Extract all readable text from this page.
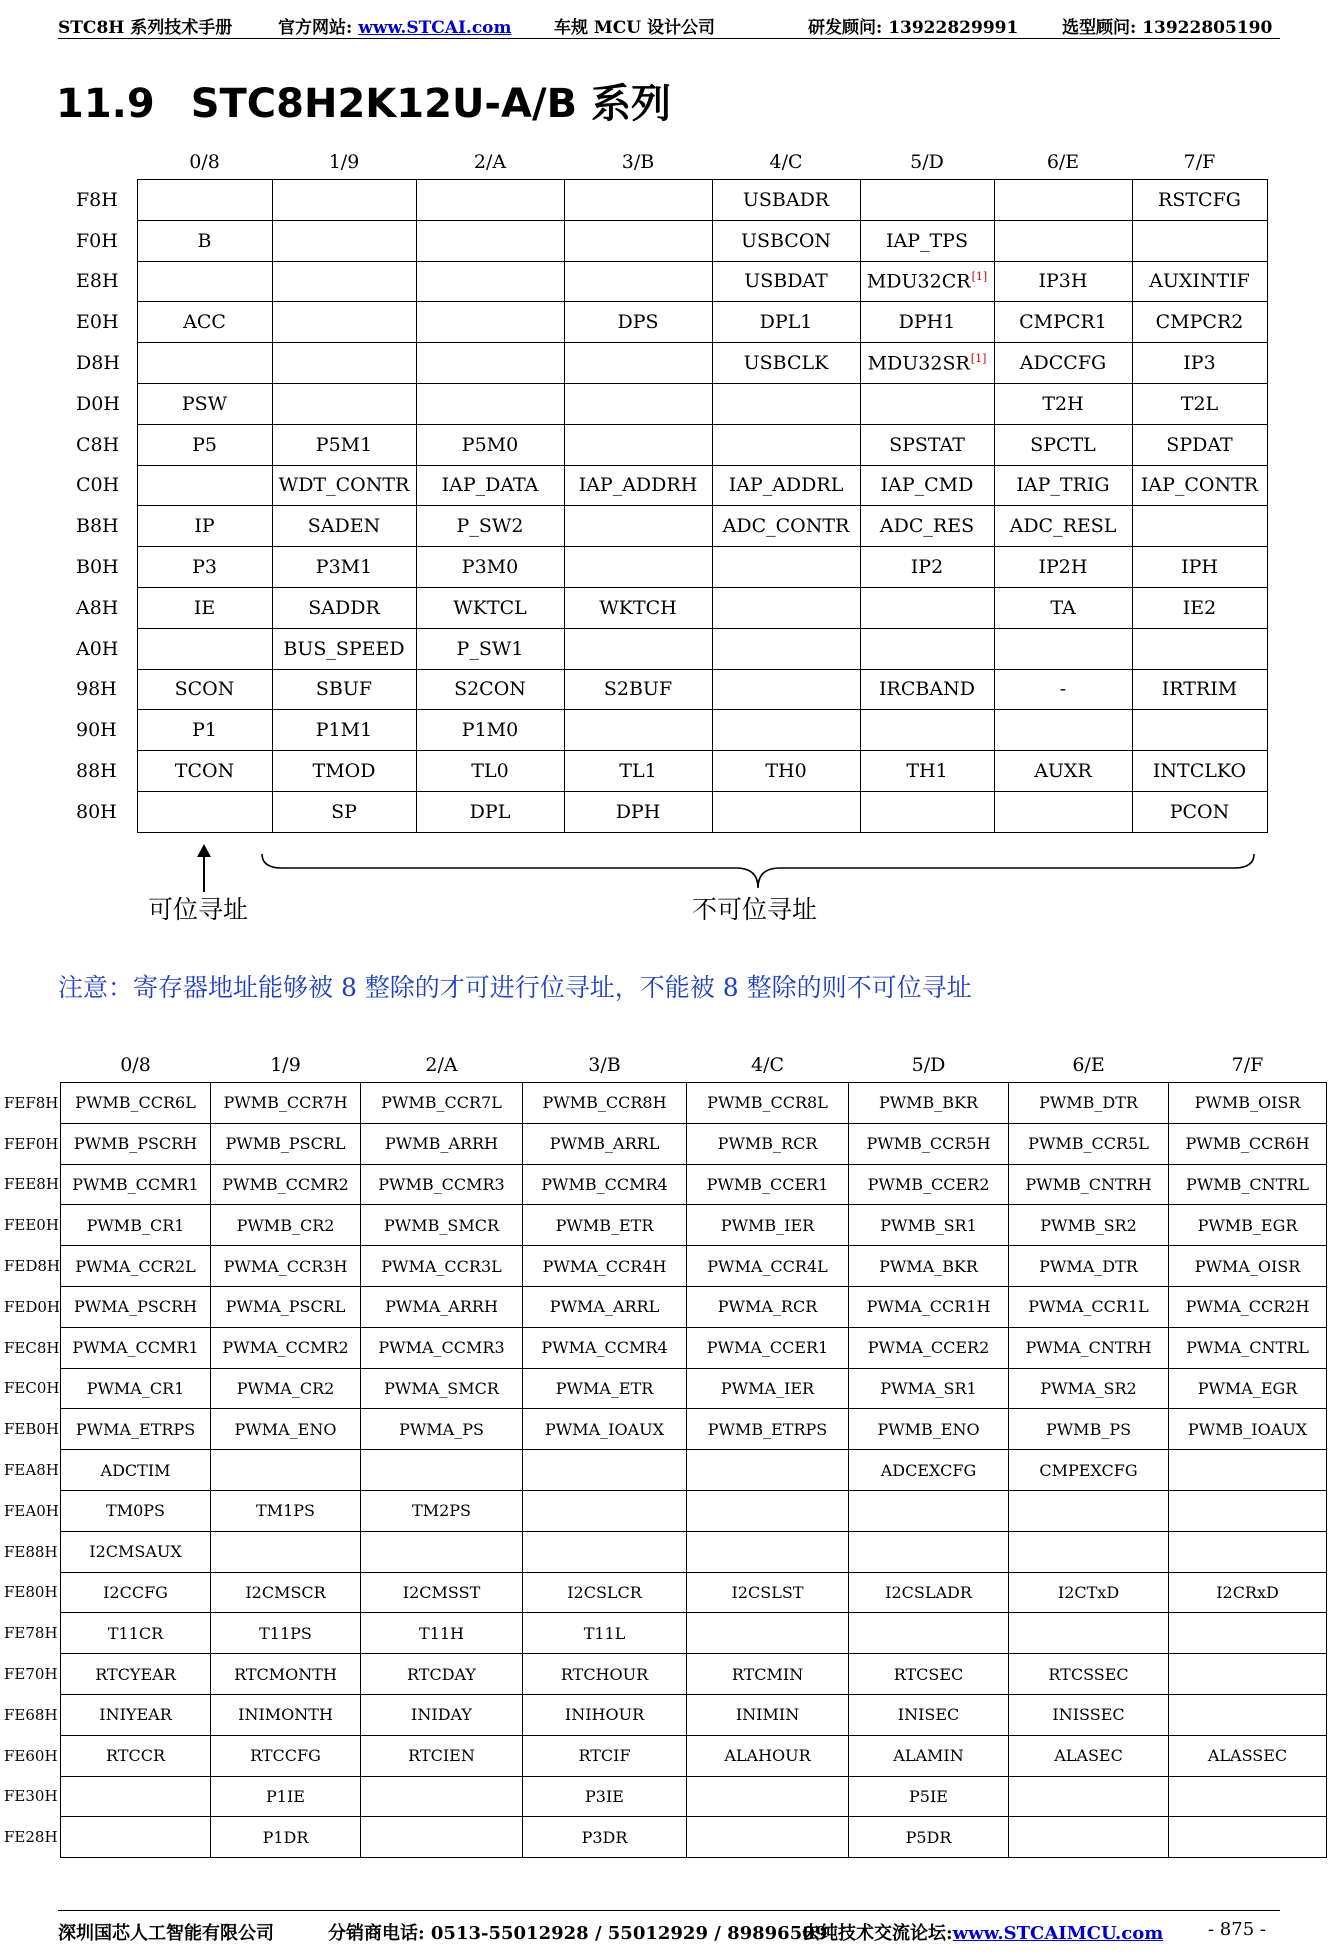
STC8H 系列技术手册	官方网站: www.STCAI.com 车规 MCU 设计公司	研发顾问: 13922829991	选型顾问: 13922805190
11.9 STC8H2K12U-A/B 系列
	0/8	1/9	2/A	3/B	4/C	5/D	6/E	7/F
F8H					USBADR			RSTCFG
F0H	B				USBCON	IAP_TPS		
E8H					USBDAT	MDU32CR[1]	IP3H	AUXINTIF
E0H	ACC			DPS	DPL1	DPH1	CMPCR1	CMPCR2
D8H					USBCLK	MDU32SR[1]	ADCCFG	IP3
D0H	PSW						T2H	T2L
C8H	P5	P5M1	P5M0			SPSTAT	SPCTL	SPDAT
C0H		WDT_CONTR	IAP_DATA	IAP_ADDRH	IAP_ADDRL	IAP_CMD	IAP_TRIG	IAP_CONTR
B8H	IP	SADEN	P_SW2		ADC_CONTR	ADC_RES	ADC_RESL	
B0H	P3	P3M1	P3M0			IP2	IP2H	IPH
A8H	IE	SADDR	WKTCL	WKTCH			TA	IE2
A0H		BUS_SPEED	P_SW1					
98H	SCON	SBUF	S2CON	S2BUF		IRCBAND	-	IRTRIM
90H	P1	P1M1	P1M0					
88H	TCON	TMOD	TL0	TL1	TH0	TH1	AUXR	INTCLKO
80H		SP	DPL	DPH				PCON
可位寻址	不可位寻址
注意：寄存器地址能够被 8 整除的才可进行位寻址，不能被 8 整除的则不可位寻址
	0/8	1/9	2/A	3/B	4/C	5/D	6/E	7/F
FEF8H	PWMB_CCR6L	PWMB_CCR7H	PWMB_CCR7L	PWMB_CCR8H	PWMB_CCR8L	PWMB_BKR	PWMB_DTR	PWMB_OISR
FEF0H	PWMB_PSCRH	PWMB_PSCRL	PWMB_ARRH	PWMB_ARRL	PWMB_RCR	PWMB_CCR5H	PWMB_CCR5L	PWMB_CCR6H
FEE8H	PWMB_CCMR1	PWMB_CCMR2	PWMB_CCMR3	PWMB_CCMR4	PWMB_CCER1	PWMB_CCER2	PWMB_CNTRH	PWMB_CNTRL
FEE0H	PWMB_CR1	PWMB_CR2	PWMB_SMCR	PWMB_ETR	PWMB_IER	PWMB_SR1	PWMB_SR2	PWMB_EGR
FED8H	PWMA_CCR2L	PWMA_CCR3H	PWMA_CCR3L	PWMA_CCR4H	PWMA_CCR4L	PWMA_BKR	PWMA_DTR	PWMA_OISR
FED0H	PWMA_PSCRH	PWMA_PSCRL	PWMA_ARRH	PWMA_ARRL	PWMA_RCR	PWMA_CCR1H	PWMA_CCR1L	PWMA_CCR2H
FEC8H	PWMA_CCMR1	PWMA_CCMR2	PWMA_CCMR3	PWMA_CCMR4	PWMA_CCER1	PWMA_CCER2	PWMA_CNTRH	PWMA_CNTRL
FEC0H	PWMA_CR1	PWMA_CR2	PWMA_SMCR	PWMA_ETR	PWMA_IER	PWMA_SR1	PWMA_SR2	PWMA_EGR
FEB0H	PWMA_ETRPS	PWMA_ENO	PWMA_PS	PWMA_IOAUX	PWMB_ETRPS	PWMB_ENO	PWMB_PS	PWMB_IOAUX
FEA8H	ADCTIM					ADCEXCFG	CMPEXCFG	
FEA0H	TM0PS	TM1PS	TM2PS					
FE88H	I2CMSAUX							
FE80H	I2CCFG	I2CMSCR	I2CMSST	I2CSLCR	I2CSLST	I2CSLADR	I2CTxD	I2CRxD
FE78H	T11CR	T11PS	T11H	T11L				
FE70H	RTCYEAR	RTCMONTH	RTCDAY	RTCHOUR	RTCMIN	RTCSEC	RTCSSEC	
FE68H	INIYEAR	INIMONTH	INIDAY	INIHOUR	INIMIN	INISEC	INISSEC	
FE60H	RTCCR	RTCCFG	RTCIEN	RTCIF	ALAHOUR	ALAMIN	ALASEC	ALASSEC
FE30H		P1IE		P3IE		P5IE		
FE28H		P1DR		P3DR		P5DR		
深圳国芯人工智能有限公司	分销商电话: 0513-55012928 / 55012929 / 89896509
去纯技术交流论坛:www.STCAIMCU.com - 875 -
